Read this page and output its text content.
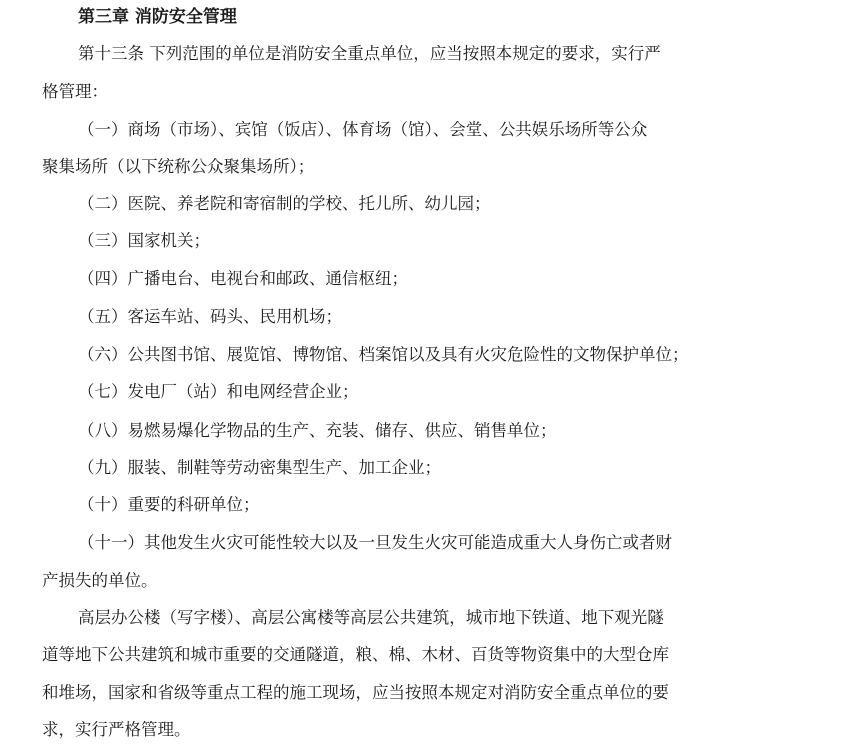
第三章 消防安全管理
第十三条 下列范围的单位是消防安全重点单位，应当按照本规定的要求，实行严
格管理：
（一）商场（市场）、宾馆（饭店）、体育场（馆）、会堂、公共娱乐场所等公众
聚集场所（以下统称公众聚集场所）；
（二）医院、养老院和寄宿制的学校、托儿所、幼儿园；
（三）国家机关；
（四）广播电台、电视台和邮政、通信枢纽；
（五）客运车站、码头、民用机场；
（六）公共图书馆、展览馆、博物馆、档案馆以及具有火灾危险性的文物保护单位；
（七）发电厂（站）和电网经营企业；
（八）易燃易爆化学物品的生产、充装、储存、供应、销售单位；
（九）服装、制鞋等劳动密集型生产、加工企业；
（十）重要的科研单位；
（十一）其他发生火灾可能性较大以及一旦发生火灾可能造成重大人身伤亡或者财
产损失的单位。
高层办公楼（写字楼）、高层公寓楼等高层公共建筑，城市地下铁道、地下观光隧
道等地下公共建筑和城市重要的交通隧道，粮、棉、木材、百货等物资集中的大型仓库
和堆场，国家和省级等重点工程的施工现场，应当按照本规定对消防安全重点单位的要
求，实行严格管理。
